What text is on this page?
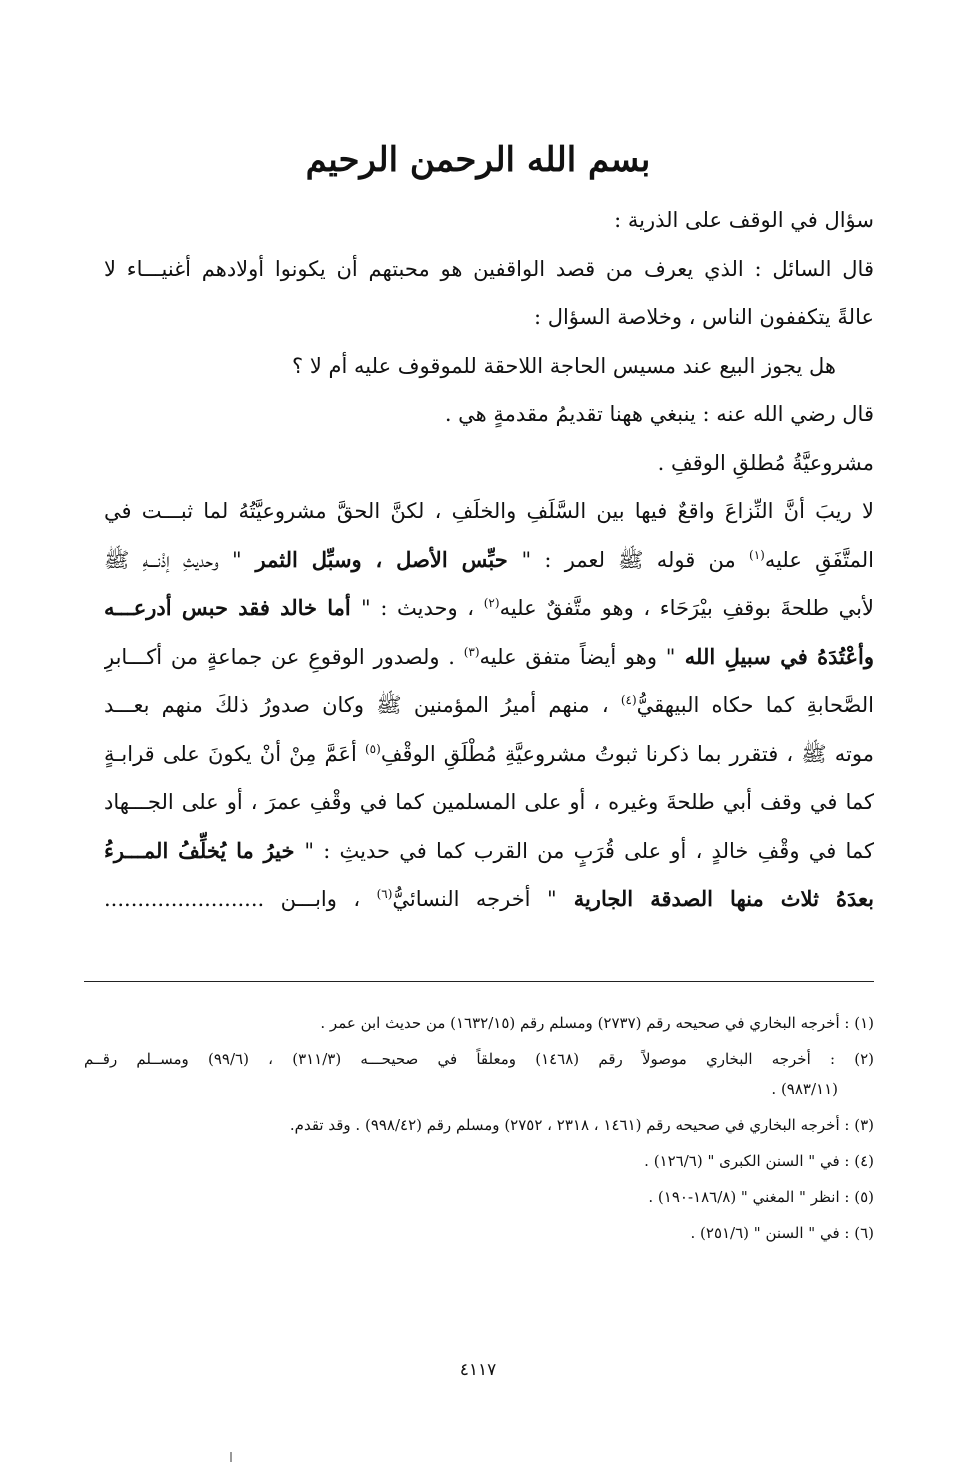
بسم الله الرحمن الرحيم

سؤال في الوقف على الذرية :

قال السائل : الذي يعرف من قصد الواقفين هو محبتهم أن يكونوا أولادهم أغنيـــاء لا

عالةً يتكففون الناس ، وخلاصة السؤال :

هل يجوز البيع عند مسيس الحاجة اللاحقة للموقوف عليه أم لا ؟

قال رضي الله عنه : ينبغي ههنا تقديمُ مقدمةٍ هي .

مشروعيَّةُ مُطلقِ الوقفِ .

لا ريبَ أنَّ النِّزاعَ واقعٌ فيها بين السَّلَفِ والخلَفِ ، لكنَّ الحقَّ مشروعيَّتُهُ لما ثبـــت في

المتَّفَقِ عليه$^{(١)}$ من قوله ﷺ لعمر : " حبِّس الأصل ، وسبِّل الثمر " وحديثِ إذْنـــهِ ﷺ

لأبي طلحةَ بوقفِ بيْرَحَاء ، وهو متَّفقٌ عليه$^{(٢)}$ ، وحديث : " أما خالد فقد حبس أدرعـــه

وأعْتُدَهُ في سبيلِ الله " وهو أيضاً متفق عليه$^{(٣)}$ . ولصدور الوقوعِ عن جماعةٍ من أكـــابرِ

الصَّحابةِ كما حكاه البيهقيُّ$^{(٤)}$ ، منهم أميرُ المؤمنين ﷺ وكان صدورُ ذلكَ منهم بعـــد

موته ﷺ ، فتقرر بما ذكرنا ثبوتُ مشروعيَّةِ مُطْلَقِ الوقْفِ$^{(٥)}$ أعَمَّ مِنْ أنْ يكونَ على قرابـةٍ

كما في وقف أبي طلحةَ وغيره ، أو على المسلمين كما في وقْفِ عمرَ ، أو على الجـــهاد

كما في وقْفِ خالدٍ ، أو على قُرَبٍ من القرب كما في حديثِ : " خيرُ ما يُخلِّفُ المـــرءُ

بعدَهُ ثلاث منها الصدقة الجارية " أخرجه النسائيُّ$^{(٦)}$ ، وابـــن ........................

(١) : أخرجه البخاري في صحيحه رقم (٢٧٣٧) ومسلم رقم (١٦٣٢/١٥) من حديث ابن عمر .

(٢) : أخرجه البخاري موصولاً رقم (١٤٦٨) ومعلقاً في صحيحـــه (٣١١/٣) ، (٩٩/٦) ومســلم رقــم
(٩٨٣/١١) .

(٣) : أخرجه البخاري في صحيحه رقم (١٤٦١ ، ٢٣١٨ ، ٢٧٥٢) ومسلم رقم (٩٩٨/٤٢) . وقد تقدم.

(٤) : في " السنن الكبرى " (١٢٦/٦) .

(٥) : انظر " المغني " (١٨٦/٨-١٩٠) .

(٦) : في " السنن " (٢٥١/٦) .

٤١١٧
